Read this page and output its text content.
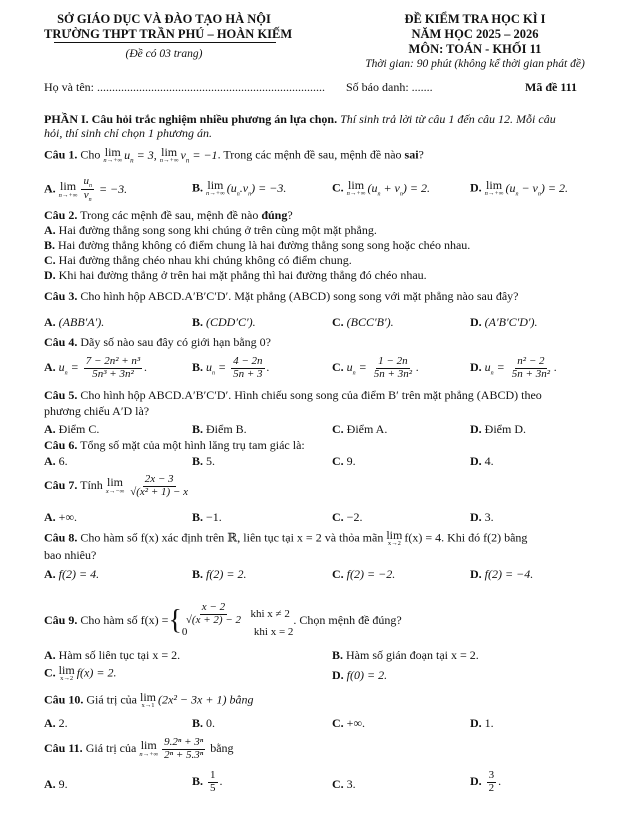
SỞ GIÁO DỤC VÀ ĐÀO TẠO HÀ NỘI
TRƯỜNG THPT TRẦN PHÚ – HOÀN KIẾM
(Đề có 03 trang)
ĐỀ KIỂM TRA HỌC KÌ I
NĂM HỌC 2025 – 2026
MÔN: TOÁN - KHỐI 11
Thời gian: 90 phút (không kể thời gian phát đề)
Họ và tên: ............................................................................ Số báo danh: .......	Mã đề 111
PHẦN I. Câu hỏi trắc nghiệm nhiều phương án lựa chọn. Thí sinh trả lời từ câu 1 đến câu 12. Mỗi câu
hỏi, thí sinh chỉ chọn 1 phương án.
Câu 1. Cho lim
n→+∞ $u_n = 3$, lim
n→+∞ $v_n = -1$. Trong các mệnh đề sau, mệnh đề nào sai?
A. lim
$n\to+\infty \frac{u_n}{v_n} = -3$.	B. lim
n→+∞ $(u_n.v_n) = -3$.	C. lim
n→+∞ $(u_n + v_n) = 2$.	D. lim
n→+∞ $(u_n - v_n) = 2$.
Câu 2. Trong các mệnh đề sau, mệnh đề nào đúng?
A. Hai đường thẳng song song khi chúng ở trên cùng một mặt phẳng.
B. Hai đường thẳng không có điểm chung là hai đường thẳng song song hoặc chéo nhau.
C. Hai đường thẳng chéo nhau khi chúng không có điểm chung.
D. Khi hai đường thẳng ở trên hai mặt phẳng thì hai đường thẳng đó chéo nhau.
Câu 3. Cho hình hộp ABCD.A′B′C′D′. Mặt phẳng (ABCD) song song với mặt phẳng nào sau đây?
A. (ABB′A′).	B. (CDD′C′).	C. (BCC′B′).	D. (A′B′C′D′).
Câu 4. Dãy số nào sau đây có giới hạn bằng 0?
A. $u_n = \frac{\text{7 − 2n² + n³}}{\text{5n³ + 3n²}}$ .	B. $u_n = \frac{4 - 2n}{5n + 3}$ .	C. $u_n = \frac{1 - 2n}{\text{5n + 3n²}}$ .	D. $u_n = \frac{\text{n² − 2}}{\text{5n + 3n²}}$ .
Câu 5. Cho hình hộp ABCD.A′B′C′D′. Hình chiếu song song của điểm B′ trên mặt phẳng (ABCD) theo
phương chiếu A′D là?
A. Điểm C.	B. Điểm B.	C. Điểm A.	D. Điểm D.
Câu 6. Tổng số mặt của một hình lăng trụ tam giác là:
A. 6.	B. 5.	C. 9.	D. 4.
Câu 7. Tính lim
$x\to-\infty \frac{2x - 3}{\text{√(x² + 1) − x}}$
A. +∞.	B. −1.	C. −2.	D. 3.
Câu 8. Cho hàm số f(x) xác định trên ℝ, liên tục tại x = 2 và thỏa mãn lim
x→2 f(x) = 4. Khi đó f(2) bằng
bao nhiêu?
A. f(2) = 4.	B. f(2) = 2.	C. f(2) = −2.	D. f(2) = −4.
Câu 9.
Cho hàm số f(x) = { $\frac{x - 2}{√(x + 2) - 2}$
khi x ≠ 2
0	khi x = 2
. Chọn mệnh đề đúng?
A. Hàm số liên tục tại x = 2.	B. Hàm số gián đoạn tại x = 2.
C. lim
x→2 f(x) = 2.	D. f(0) = 2.
Câu 10. Giá trị của lim
x→1 (2x² − 3x + 1) bằng
A. 2.	B. 0.	C. +∞.	D. 1.
Câu 11. Giá trị của lim
$n\to+\infty \frac{\text{9.2ⁿ + 3ⁿ}}{\text{2ⁿ + 5.3ⁿ}}$ bằng
A. 9.	B. $\frac{1}{5}$ .	C. 3.	D. $\frac{3}{2}$ .
